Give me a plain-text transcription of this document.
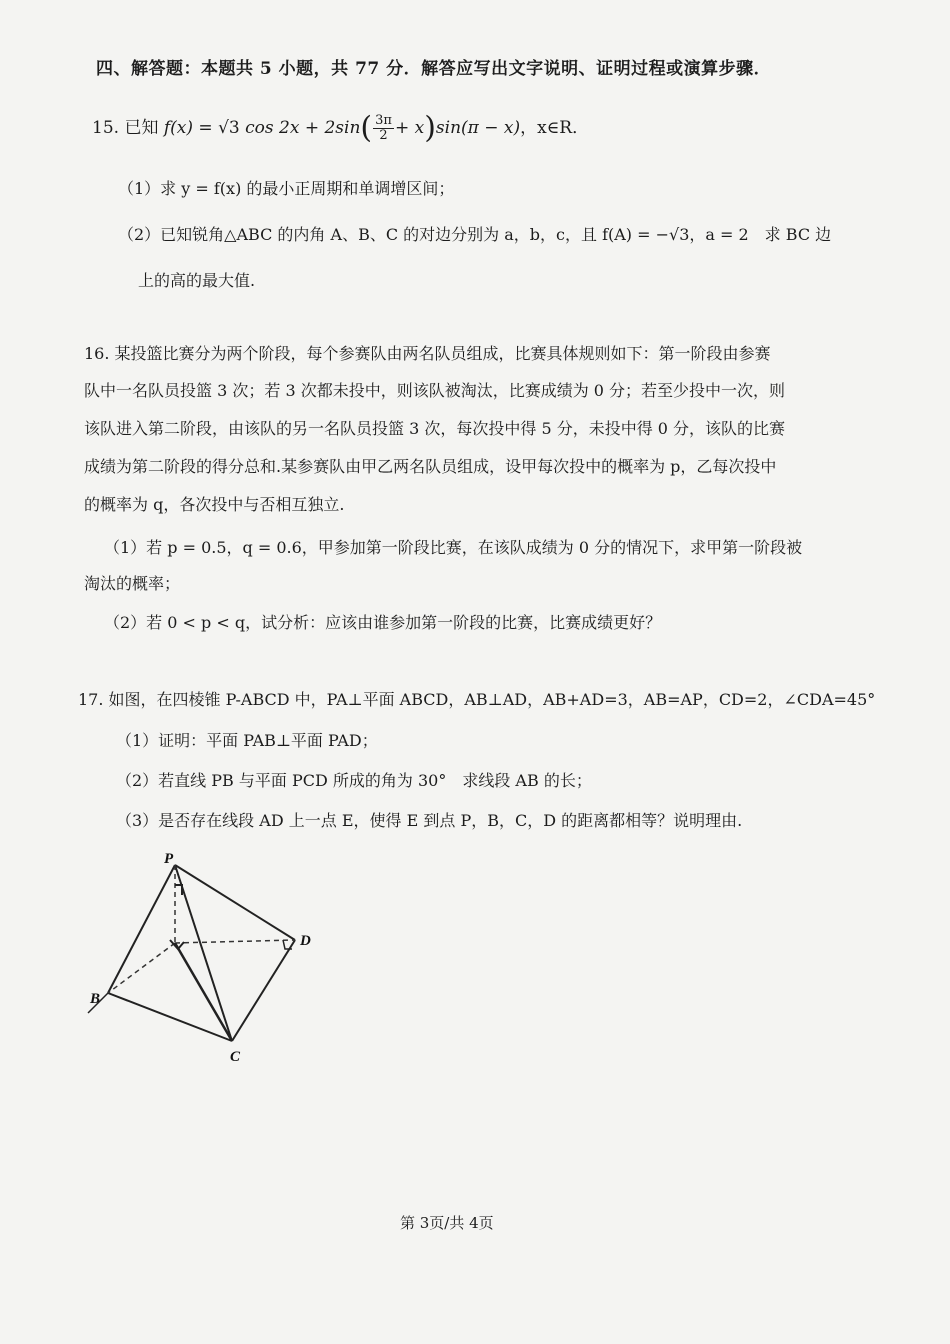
四、解答题：本题共 5 小题，共 77 分．解答应写出文字说明、证明过程或演算步骤．
15. 已知 f(x) = √3 $\cos 2x + 2\sin( \frac{3\pi}{2} + x)\sin(\pi - x)$，x∈R．
（1）求 y = f(x) 的最小正周期和单调增区间；
（2）已知锐角△ABC 的内角 A、B、C 的对边分别为 a，b，c，且 f(A) = −√3，a = 2　求 BC 边
上的高的最大值.
16. 某投篮比赛分为两个阶段，每个参赛队由两名队员组成，比赛具体规则如下：第一阶段由参赛
队中一名队员投篮 3 次；若 3 次都未投中，则该队被淘汰，比赛成绩为 0 分；若至少投中一次，则
该队进入第二阶段，由该队的另一名队员投篮 3 次，每次投中得 5 分，未投中得 0 分，该队的比赛
成绩为第二阶段的得分总和.某参赛队由甲乙两名队员组成，设甲每次投中的概率为 p，乙每次投中
的概率为 q，各次投中与否相互独立.
（1）若 p = 0.5，q = 0.6，甲参加第一阶段比赛，在该队成绩为 0 分的情况下，求甲第一阶段被
淘汰的概率；
（2）若 0 < p < q，试分析：应该由谁参加第一阶段的比赛，比赛成绩更好？
17. 如图，在四棱锥 P-ABCD 中，PA⊥平面 ABCD，AB⊥AD，AB+AD=3，AB=AP，CD=2，∠CDA=45°
（1）证明：平面 PAB⊥平面 PAD；
（2）若直线 PB 与平面 PCD 所成的角为 30°　求线段 AB 的长；
（3）是否存在线段 AD 上一点 E，使得 E 到点 P，B，C，D 的距离都相等？说明理由.
P
B
C
D
第 3页/共 4页
